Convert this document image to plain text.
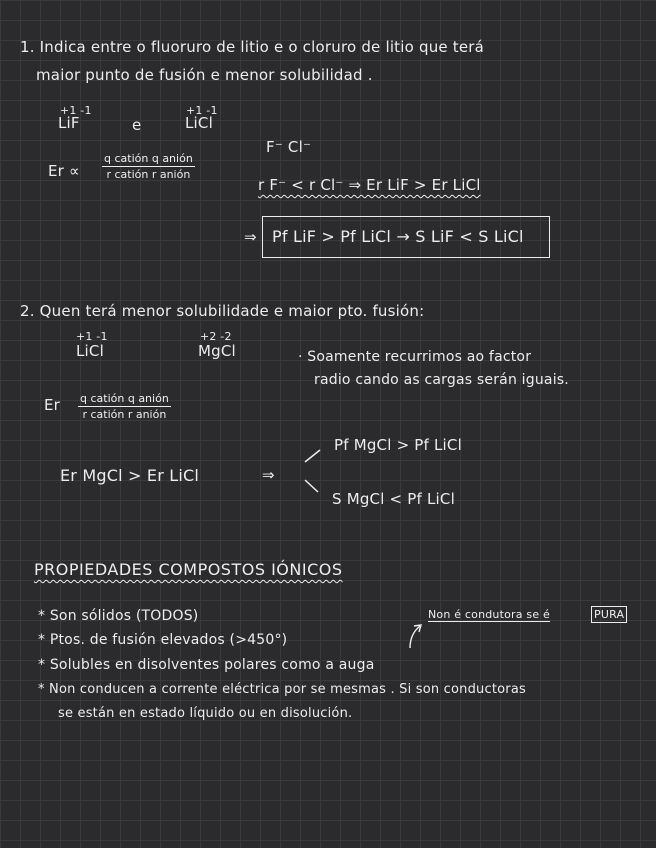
1. Indica entre o fluoruro de litio e o cloruro de litio que terá
maior punto de fusión e menor solubilidad .
+1 -1
LiF	e
+1 -1
LiCl
F⁻ Cl⁻
Er ∝
q catión q anión
r catión r anión
r F⁻ < r Cl⁻ ⇒ Er LiF > Er LiCl
⇒ Pf LiF > Pf LiCl → S LiF < S LiCl
2. Quen terá menor solubilidade e maior pto. fusión:
+1 -1
LiCl
+2 -2
MgCl	· Soamente recurrimos ao factor
radio cando as cargas serán iguais.
Er q catión q anión
r catión r anión
Er MgCl > Er LiCl	⇒
Pf MgCl > Pf LiCl
S MgCl < Pf LiCl
PROPIEDADES COMPOSTOS IÓNICOS
* Son sólidos (TODOS)
* Ptos. de fusión elevados (>450°)
* Solubles en disolventes polares como a auga
* Non conducen a corrente eléctrica por se mesmas . Si son conductoras
se están en estado líquido ou en disolución.
Non é condutora se é	PURA
